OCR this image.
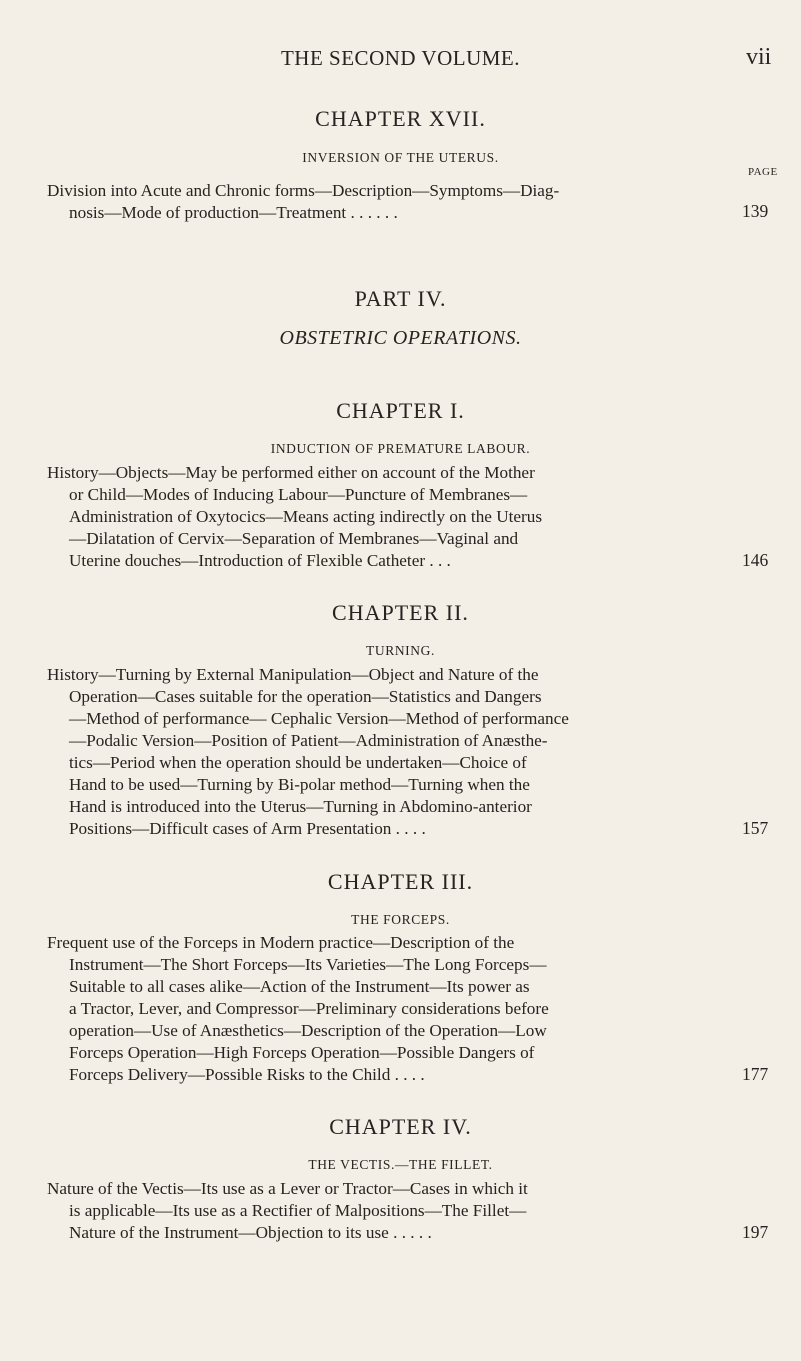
THE SECOND VOLUME.	vii
CHAPTER XVII.
INVERSION OF THE UTERUS.
PAGE
Division into Acute and Chronic forms—Description—Symptoms—Diag-
nosis—Mode of production—Treatment . . . . . .	139
PART IV.
OBSTETRIC OPERATIONS.
CHAPTER I.
INDUCTION OF PREMATURE LABOUR.
History—Objects—May be performed either on account of the Mother
or Child—Modes of Inducing Labour—Puncture of Membranes—
Administration of Oxytocics—Means acting indirectly on the Uterus
—Dilatation of Cervix—Separation of Membranes—Vaginal and
Uterine douches—Introduction of Flexible Catheter . . .	146
CHAPTER II.
TURNING.
History—Turning by External Manipulation—Object and Nature of the
Operation—Cases suitable for the operation—Statistics and Dangers
—Method of performance— Cephalic Version—Method of performance
—Podalic Version—Position of Patient—Administration of Anæsthe-
tics—Period when the operation should be undertaken—Choice of
Hand to be used—Turning by Bi-polar method—Turning when the
Hand is introduced into the Uterus—Turning in Abdomino-anterior
Positions—Difficult cases of Arm Presentation . . . .	157
CHAPTER III.
THE FORCEPS.
Frequent use of the Forceps in Modern practice—Description of the
Instrument—The Short Forceps—Its Varieties—The Long Forceps—
Suitable to all cases alike—Action of the Instrument—Its power as
a Tractor, Lever, and Compressor—Preliminary considerations before
operation—Use of Anæsthetics—Description of the Operation—Low
Forceps Operation—High Forceps Operation—Possible Dangers of
Forceps Delivery—Possible Risks to the Child . . . .	177
CHAPTER IV.
THE VECTIS.—THE FILLET.
Nature of the Vectis—Its use as a Lever or Tractor—Cases in which it
is applicable—Its use as a Rectifier of Malpositions—The Fillet—
Nature of the Instrument—Objection to its use . . . . .	197
